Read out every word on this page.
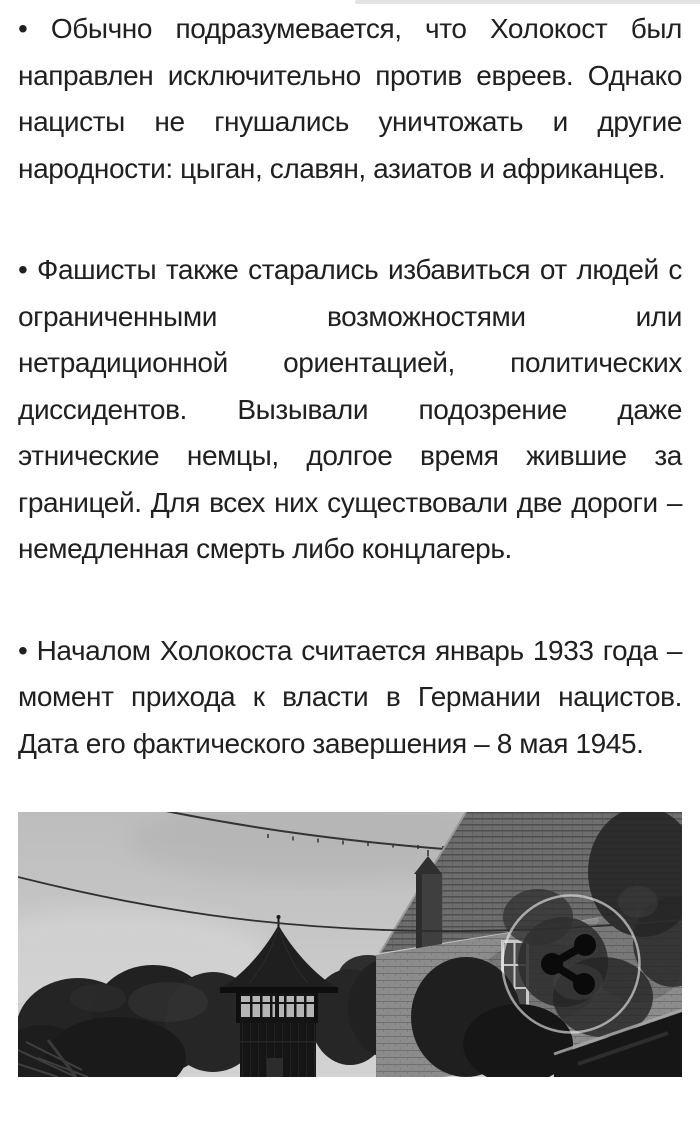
• Обычно подразумевается, что Холокост был направлен исключительно против евреев. Однако нацисты не гнушались уничтожать и другие народности: цыган, славян, азиатов и африканцев.

• Фашисты также старались избавиться от людей с ограниченными возможностями или нетрадиционной ориентацией, политических диссидентов. Вызывали подозрение даже этнические немцы, долгое время жившие за границей. Для всех них существовали две дороги – немедленная смерть либо концлагерь.

• Началом Холокоста считается январь 1933 года – момент прихода к власти в Германии нацистов. Дата его фактического завершения – 8 мая 1945.
